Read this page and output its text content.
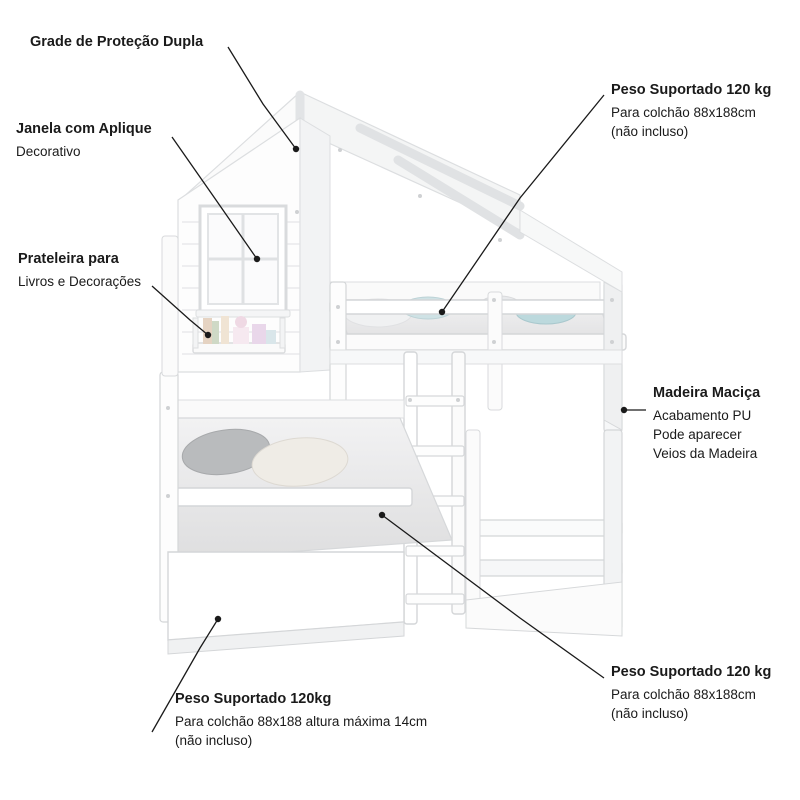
Grade de Proteção Dupla
Janela com Aplique
Decorativo
Prateleira para
Livros e Decorações
Peso Suportado 120 kg
Para colchão 88x188cm
(não incluso)
Madeira Maciça
Acabamento PU
Pode aparecer
Veios da Madeira
Peso Suportado 120 kg
Para colchão 88x188cm
(não incluso)
Peso Suportado 120kg
Para colchão 88x188 altura máxima 14cm
(não incluso)
